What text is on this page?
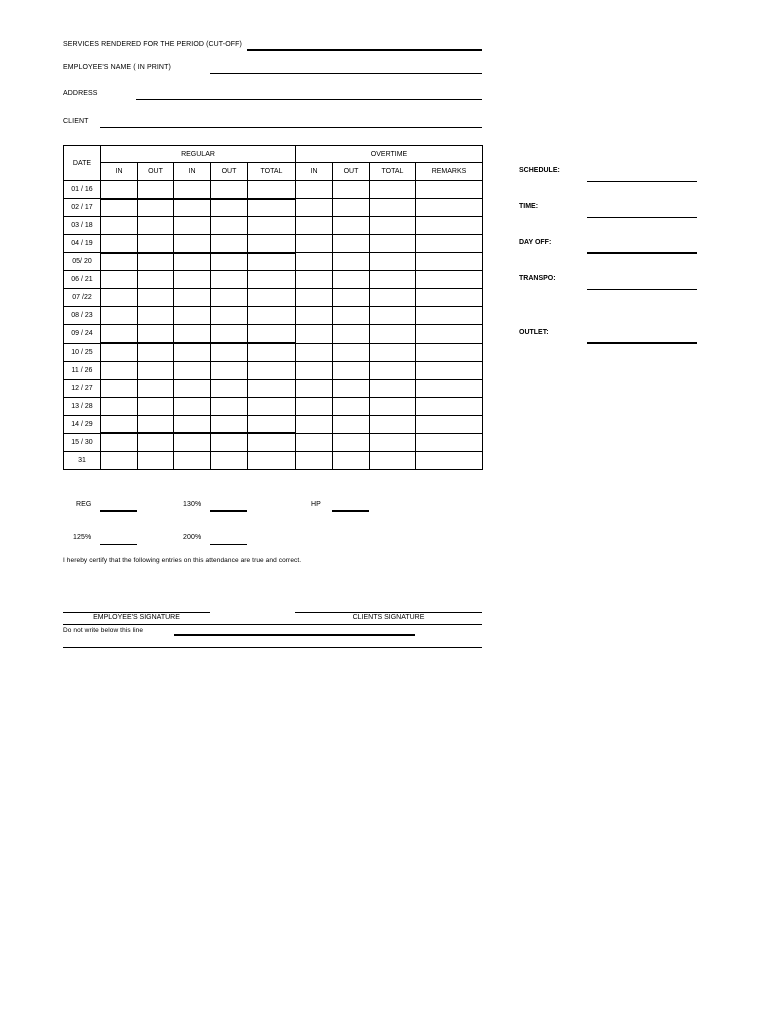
SERVICES RENDERED FOR THE PERIOD (CUT-OFF)
EMPLOYEE'S NAME ( IN PRINT)
ADDRESS
CLIENT
DATE	REGULAR					OVERTIME			
	IN	OUT	IN	OUT	TOTAL	IN	OUT	TOTAL	REMARKS
01 / 16									
02 / 17									
03 / 18									
04 / 19									
05/ 20									
06 / 21									
07 /22									
08 / 23									
09 / 24									
10 / 25									
11 / 26									
12 / 27									
13 / 28									
14 / 29									
15 / 30									
31									
SCHEDULE:
TIME:
DAY OFF:
TRANSPO:
OUTLET:
REG	130%	HP
125%	200%
I hereby certify that the following entries on this attendance are true and correct.
EMPLOYEE'S SIGNATURE	CLIENTS SIGNATURE
Do not write below this line
